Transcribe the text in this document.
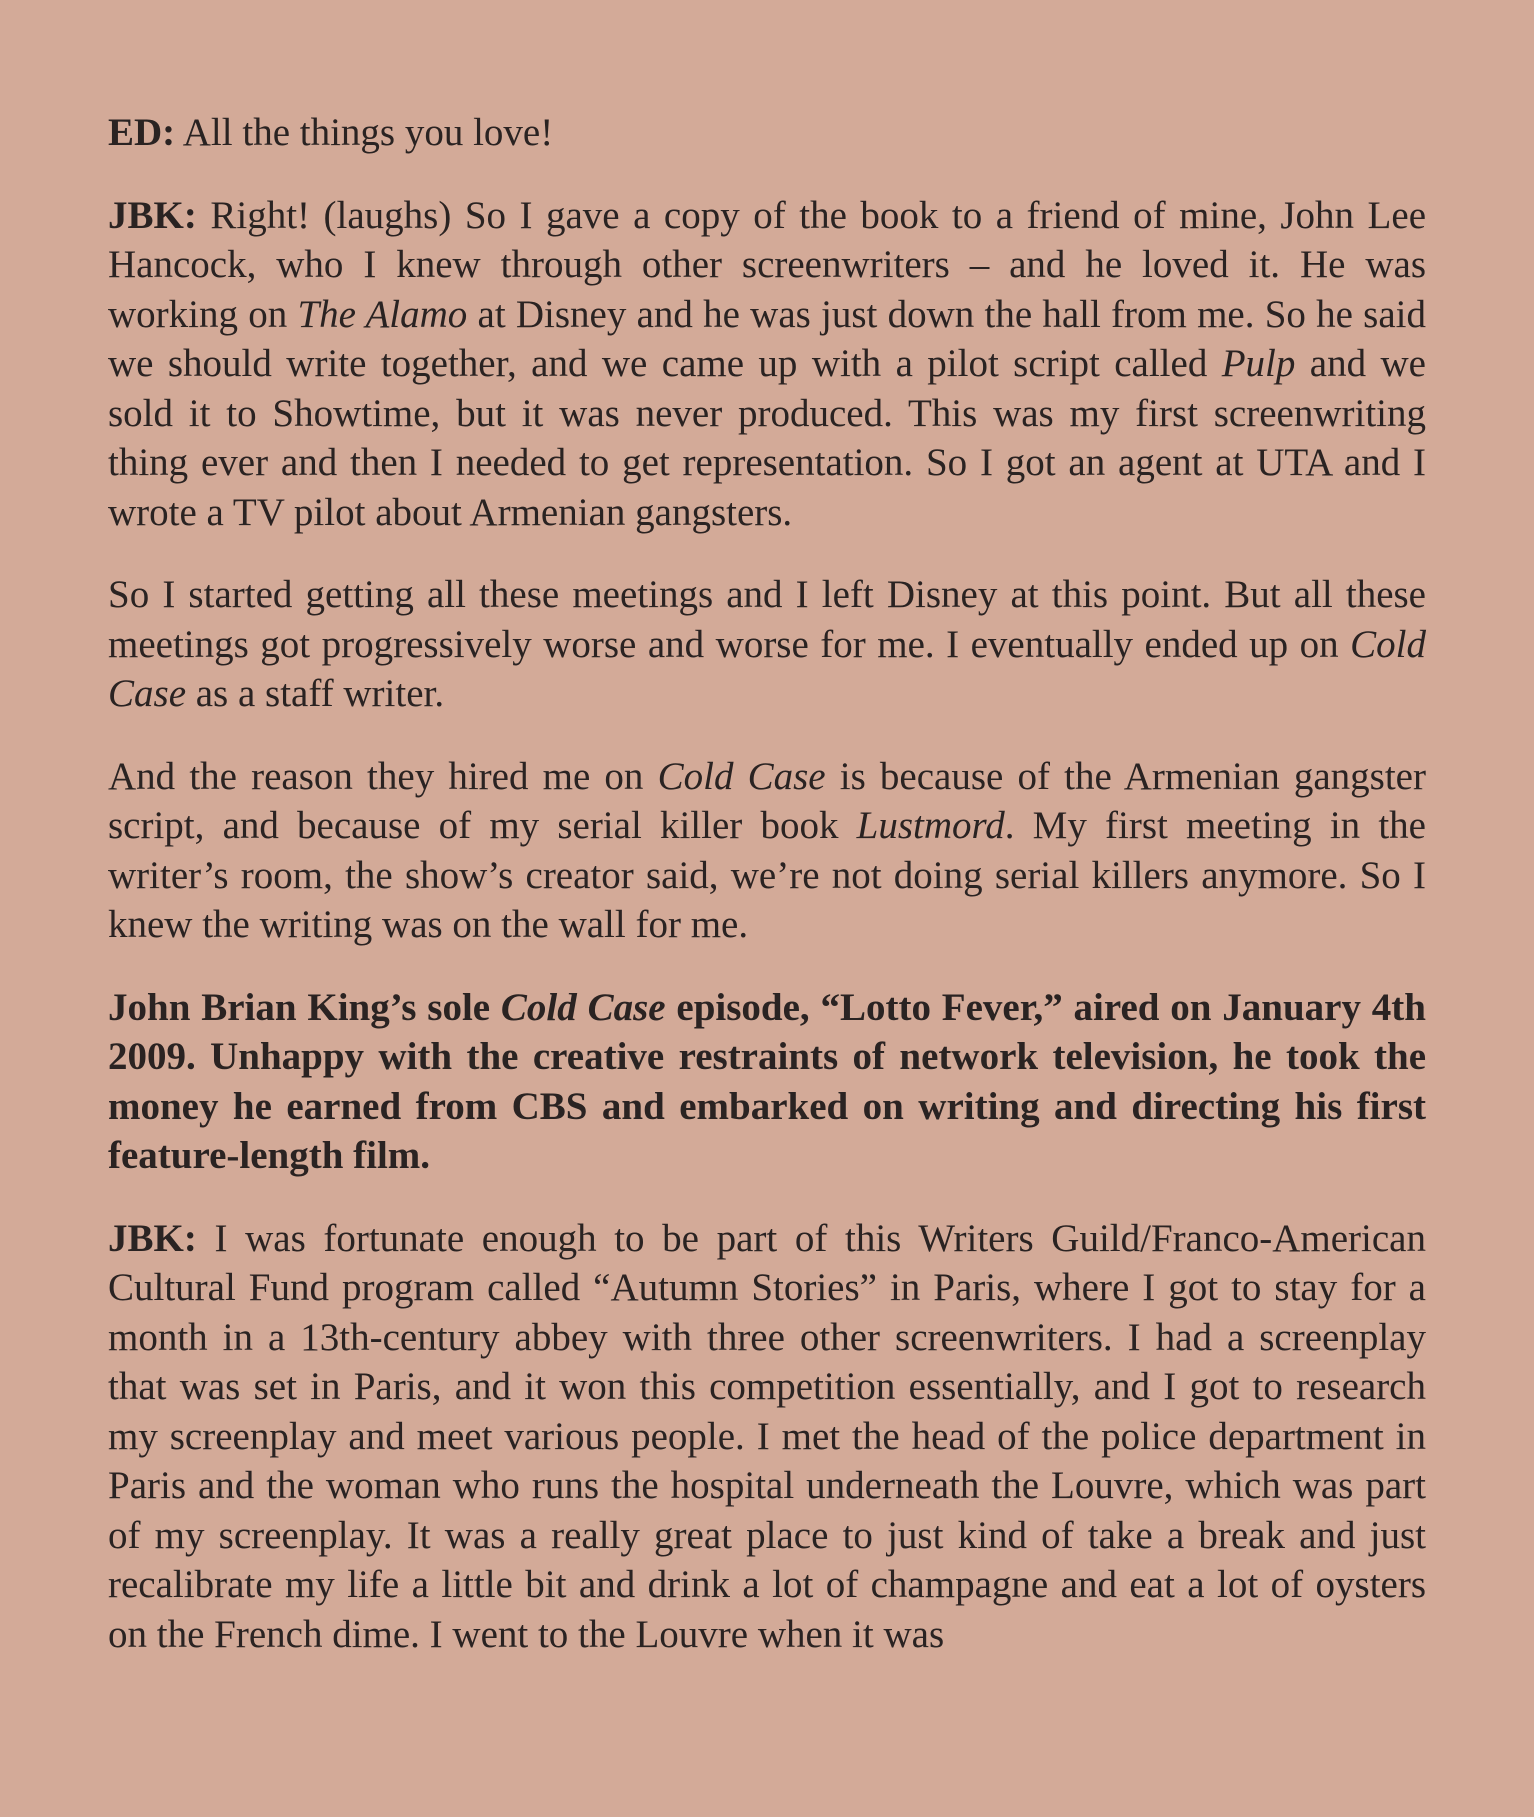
ED: All the things you love!

JBK: Right! (laughs) So I gave a copy of the book to a friend of mine, John Lee Hancock, who I knew through other screenwriters – and he loved it. He was working on The Alamo at Disney and he was just down the hall from me. So he said we should write together, and we came up with a pilot script called Pulp and we sold it to Showtime, but it was never produced. This was my first screenwriting thing ever and then I needed to get representation. So I got an agent at UTA and I wrote a TV pilot about Armenian gangsters.

So I started getting all these meetings and I left Disney at this point. But all these meetings got progressively worse and worse for me. I eventually ended up on Cold Case as a staff writer.

And the reason they hired me on Cold Case is because of the Armenian gangster script, and because of my serial killer book Lustmord. My first meeting in the writer’s room, the show’s creator said, we’re not doing serial killers anymore. So I knew the writing was on the wall for me.

John Brian King’s sole Cold Case episode, “Lotto Fever,” aired on January 4th 2009. Unhappy with the creative restraints of network television, he took the money he earned from CBS and embarked on writing and directing his first feature-length film.

JBK: I was fortunate enough to be part of this Writers Guild/Franco-American Cultural Fund program called “Autumn Stories” in Paris, where I got to stay for a month in a 13th-century abbey with three other screenwriters. I had a screenplay that was set in Paris, and it won this competition essentially, and I got to research my screenplay and meet various people. I met the head of the police department in Paris and the woman who runs the hospital underneath the Louvre, which was part of my screenplay. It was a really great place to just kind of take a break and just recalibrate my life a little bit and drink a lot of champagne and eat a lot of oysters on the French dime. I went to the Louvre when it was
